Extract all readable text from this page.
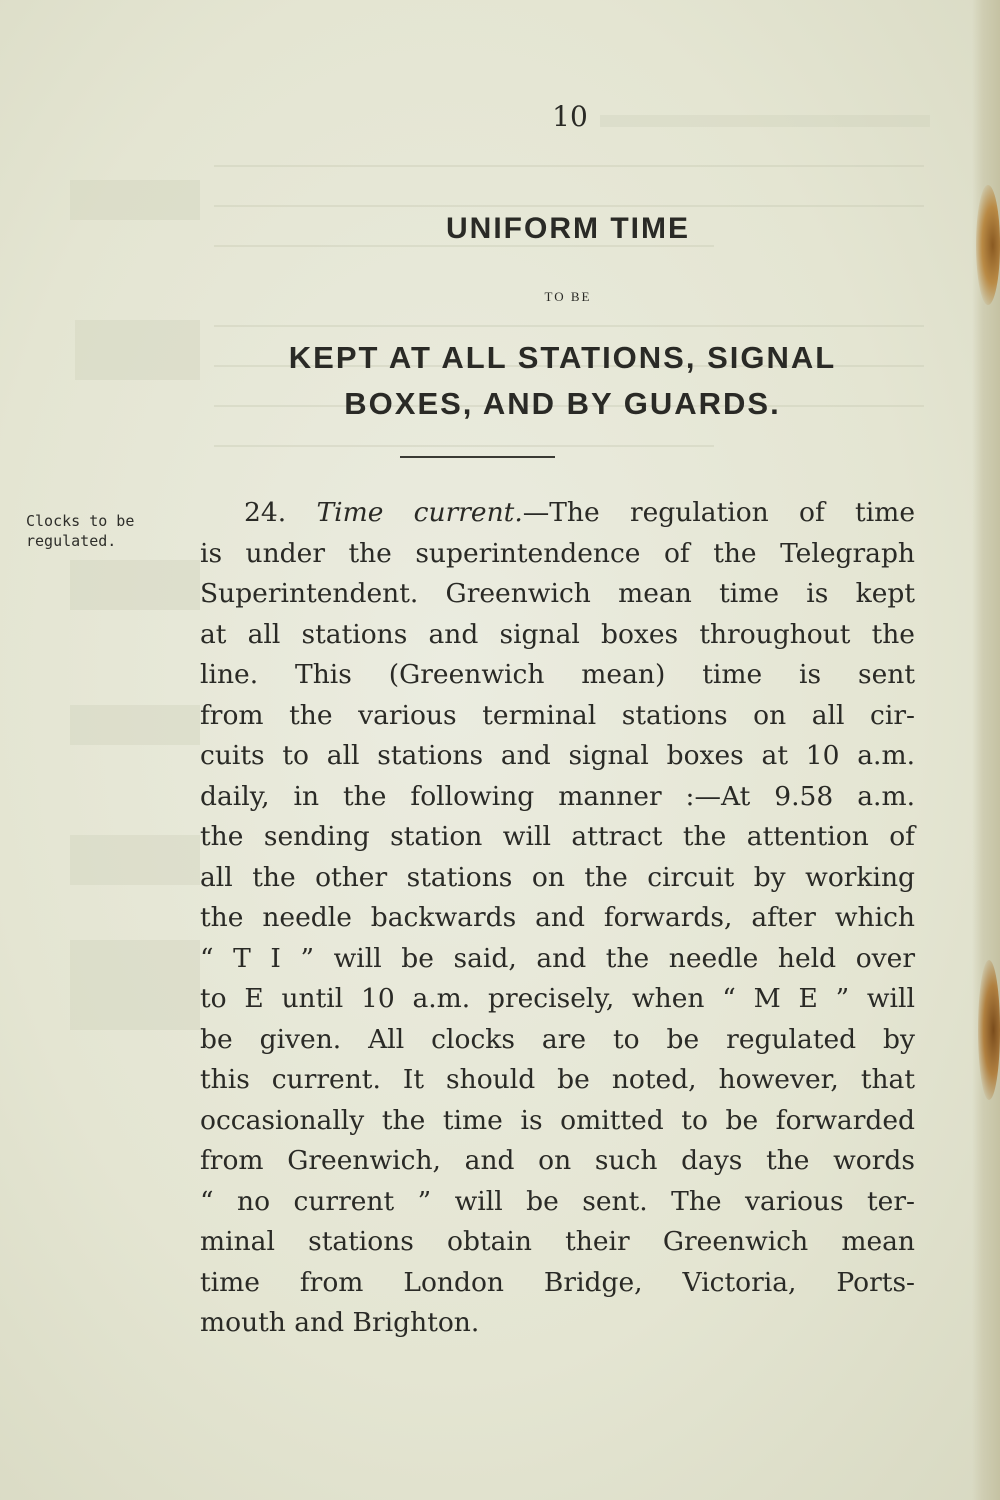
10
UNIFORM TIME
TO BE
KEPT AT ALL STATIONS, SIGNAL
BOXES, AND BY GUARDS.
Clocks to be
regulated.
24. Time current.—The regulation of time
is under the superintendence of the Telegraph
Superintendent. Greenwich mean time is kept
at all stations and signal boxes throughout the
line. This (Greenwich mean) time is sent
from the various terminal stations on all cir-
cuits to all stations and signal boxes at 10 a.m.
daily, in the following manner :—At 9.58 a.m.
the sending station will attract the attention of
all the other stations on the circuit by working
the needle backwards and forwards, after which
“ T I ” will be said, and the needle held over
to E until 10 a.m. precisely, when “ M E ” will
be given. All clocks are to be regulated by
this current. It should be noted, however, that
occasionally the time is omitted to be forwarded
from Greenwich, and on such days the words
“ no current ” will be sent. The various ter-
minal stations obtain their Greenwich mean
time from London Bridge, Victoria, Ports-
mouth and Brighton.
